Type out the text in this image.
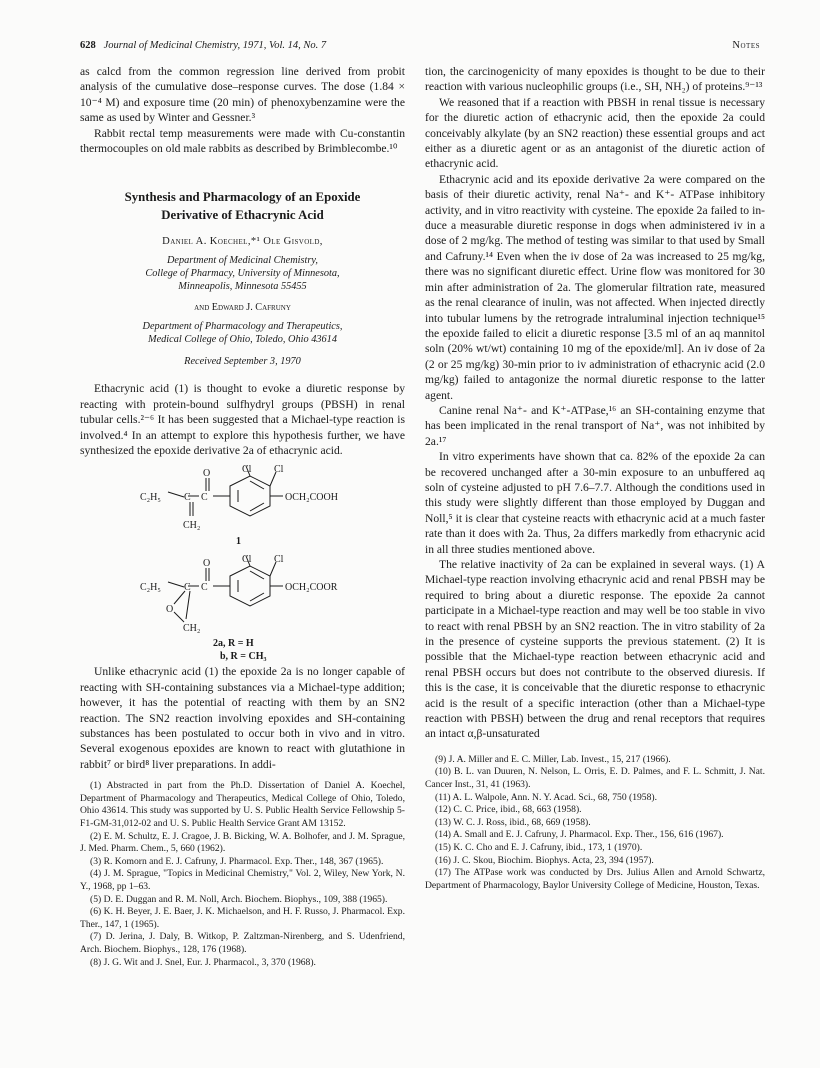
628 Journal of Medicinal Chemistry, 1971, Vol. 14, No. 7	Notes

as calcd from the common regression line derived from probit analysis of the cumulative dose–response curves. The dose (1.84 × 10⁻⁴ M) and exposure time (20 min) of phenoxybenzamine were the same as used by Winter and Gessner.³

Rabbit rectal temp measurements were made with Cu-constantin thermocouples on old male rabbits as described by Brimblecombe.¹⁰

Synthesis and Pharmacology of an Epoxide
Derivative of Ethacrynic Acid
Daniel A. Koechel,*¹ Ole Gisvold,
Department of Medicinal Chemistry,
College of Pharmacy, University of Minnesota,
Minneapolis, Minnesota 55455
and Edward J. Cafruny
Department of Pharmacology and Therapeutics,
Medical College of Ohio, Toledo, Ohio 43614
Received September 3, 1970

Ethacrynic acid (1) is thought to evoke a diuretic response by reacting with protein-bound sulfhydryl groups (PBSH) in renal tubular cells.²⁻⁶ It has been suggested that a Michael-type reaction is involved.⁴ In an attempt to explore this hypothesis further, we have synthesized the epoxide derivative 2a of ethacrynic acid.

Cl Cl
O
C₂H₅ C C	OCH₂COOH
CH₂
1
Cl Cl
O
C₂H₅ C C	OCH₂COOR
O
CH₂
2a, R = H
b, R = CH₃

Unlike ethacrynic acid (1) the epoxide 2a is no longer capable of reacting with SH-containing substances via a Michael-type addition; however, it has the potential of reacting with them by an SN2 reaction. The SN2 reaction involving epoxides and SH-containing substances has been postulated to occur both in vivo and in vitro. Several exogenous epoxides are known to react with glutathione in rabbit⁷ or bird⁸ liver preparations. In addi-

(1) Abstracted in part from the Ph.D. Dissertation of Daniel A. Koechel, Department of Pharmacology and Therapeutics, Medical College of Ohio, Toledo, Ohio 43614. This study was supported by U. S. Public Health Service Fellowship 5-F1-GM-31,012-02 and U. S. Public Health Service Grant AM 13152.

(2) E. M. Schultz, E. J. Cragoe, J. B. Bicking, W. A. Bolhofer, and J. M. Sprague, J. Med. Pharm. Chem., 5, 660 (1962).

(3) R. Komorn and E. J. Cafruny, J. Pharmacol. Exp. Ther., 148, 367 (1965).

(4) J. M. Sprague, "Topics in Medicinal Chemistry," Vol. 2, Wiley, New York, N. Y., 1968, pp 1–63.

(5) D. E. Duggan and R. M. Noll, Arch. Biochem. Biophys., 109, 388 (1965).

(6) K. H. Beyer, J. E. Baer, J. K. Michaelson, and H. F. Russo, J. Pharmacol. Exp. Ther., 147, 1 (1965).

(7) D. Jerina, J. Daly, B. Witkop, P. Zaltzman-Nirenberg, and S. Udenfriend, Arch. Biochem. Biophys., 128, 176 (1968).

(8) J. G. Wit and J. Snel, Eur. J. Pharmacol., 3, 370 (1968).

tion, the carcinogenicity of many epoxides is thought to be due to their reaction with various nucleophilic groups (i.e., SH, NH₂) of proteins.⁹⁻¹³

We reasoned that if a reaction with PBSH in renal tissue is necessary for the diuretic action of ethacrynic acid, then the epoxide 2a could conceivably alkylate (by an SN2 reaction) these essential groups and act either as a diuretic agent or as an antagonist of the diuretic action of ethacrynic acid.

Ethacrynic acid and its epoxide derivative 2a were compared on the basis of their diuretic activity, renal Na⁺- and K⁺- ATPase inhibitory activity, and in vitro reactivity with cysteine. The epoxide 2a failed to induce a measurable diuretic response in dogs when administered iv in a dose of 2 mg/kg. The method of testing was similar to that used by Small and Cafruny.¹⁴ Even when the iv dose of 2a was increased to 25 mg/kg, there was no significant diuretic effect. Urine flow was monitored for 30 min after administration of 2a. The glomerular filtration rate, measured as the renal clearance of inulin, was not affected. When injected directly into tubular lumens by the retrograde intraluminal injection technique¹⁵ the epoxide failed to elicit a diuretic response [3.5 ml of an aq mannitol soln (20% wt/wt) containing 10 mg of the epoxide/ml]. An iv dose of 2a (2 or 25 mg/kg) 30-min prior to iv administration of ethacrynic acid (2.0 mg/kg) failed to antagonize the normal diuretic response to the latter agent.

Canine renal Na⁺- and K⁺-ATPase,¹⁶ an SH-containing enzyme that has been implicated in the renal transport of Na⁺, was not inhibited by 2a.¹⁷

In vitro experiments have shown that ca. 82% of the epoxide 2a can be recovered unchanged after a 30-min exposure to an unbuffered aq soln of cysteine adjusted to pH 7.6–7.7. Although the conditions used in this study were slightly different than those employed by Duggan and Noll,⁵ it is clear that cysteine reacts with ethacrynic acid at a much faster rate than it does with 2a. Thus, 2a differs markedly from ethacrynic acid in all three studies mentioned above.

The relative inactivity of 2a can be explained in several ways. (1) A Michael-type reaction involving ethacrynic acid and renal PBSH may be required to bring about a diuretic response. The epoxide 2a cannot participate in a Michael-type reaction and may well be too stable in vivo to react with renal PBSH by an SN2 reaction. The in vitro stability of 2a in the presence of cysteine supports the previous statement. (2) It is possible that the Michael-type reaction between ethacrynic acid and renal PBSH occurs but does not contribute to the observed diuresis. If this is the case, it is conceivable that the diuretic response to ethacrynic acid is the result of a specific interaction (other than a Michael-type reaction with PBSH) between the drug and renal receptors that requires an intact α,β-unsaturated

(9) J. A. Miller and E. C. Miller, Lab. Invest., 15, 217 (1966).

(10) B. L. van Duuren, N. Nelson, L. Orris, E. D. Palmes, and F. L. Schmitt, J. Nat. Cancer Inst., 31, 41 (1963).

(11) A. L. Walpole, Ann. N. Y. Acad. Sci., 68, 750 (1958).

(12) C. C. Price, ibid., 68, 663 (1958).

(13) W. C. J. Ross, ibid., 68, 669 (1958).

(14) A. Small and E. J. Cafruny, J. Pharmacol. Exp. Ther., 156, 616 (1967).

(15) K. C. Cho and E. J. Cafruny, ibid., 173, 1 (1970).

(16) J. C. Skou, Biochim. Biophys. Acta, 23, 394 (1957).

(17) The ATPase work was conducted by Drs. Julius Allen and Arnold Schwartz, Department of Pharmacology, Baylor University College of Medicine, Houston, Texas.
